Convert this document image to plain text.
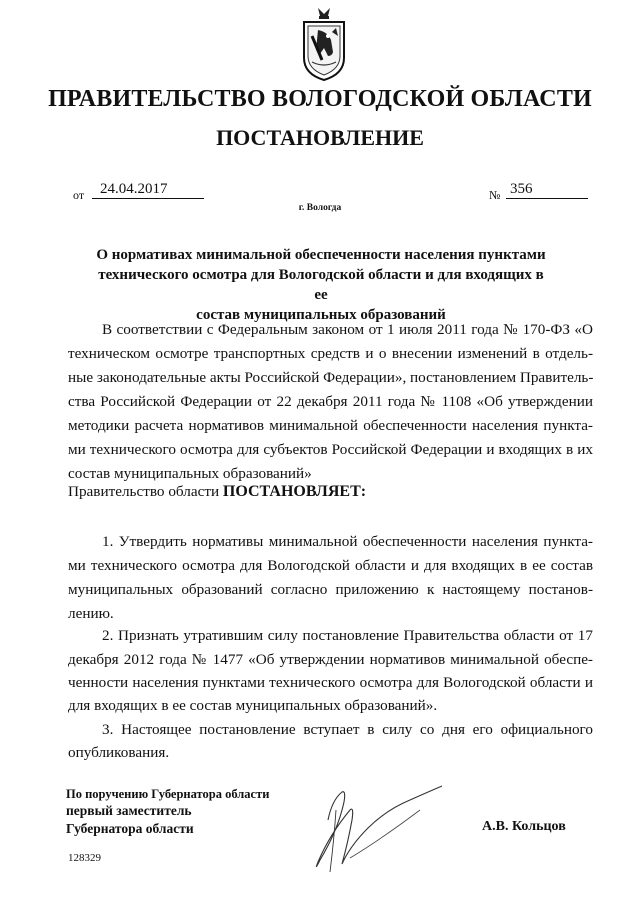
ПРАВИТЕЛЬСТВО ВОЛОГОДСКОЙ ОБЛАСТИ
ПОСТАНОВЛЕНИЕ
от	24.04.2017	№ 356
г. Вологда
О нормативах минимальной обеспеченности населения пунктами
технического осмотра для Вологодской области и для входящих в ее
состав муниципальных образований
В соответствии с Федеральным законом от 1 июля 2011 года № 170-ФЗ «О
техническом осмотре транспортных средств и о внесении изменений в отдель-
ные законодательные акты Российской Федерации», постановлением Правитель-
ства Российской Федерации от 22 декабря 2011 года № 1108 «Об утверждении
методики расчета нормативов минимальной обеспеченности населения пункта-
ми технического осмотра для субъектов Российской Федерации и входящих в их
состав муниципальных образований»
Правительство области ПОСТАНОВЛЯЕТ:
1. Утвердить нормативы минимальной обеспеченности населения пункта-
ми технического осмотра для Вологодской области и для входящих в ее состав
муниципальных образований согласно приложению к настоящему постанов-
лению.
2. Признать утратившим силу постановление Правительства области от 17
декабря 2012 года № 1477 «Об утверждении нормативов минимальной обеспе-
ченности населения пунктами технического осмотра для Вологодской области и
для входящих в ее состав муниципальных образований».
3. Настоящее постановление вступает в силу со дня его официального
опубликования.
По поручению Губернатора области
первый заместитель
Губернатора области	А.В. Кольцов
128329
